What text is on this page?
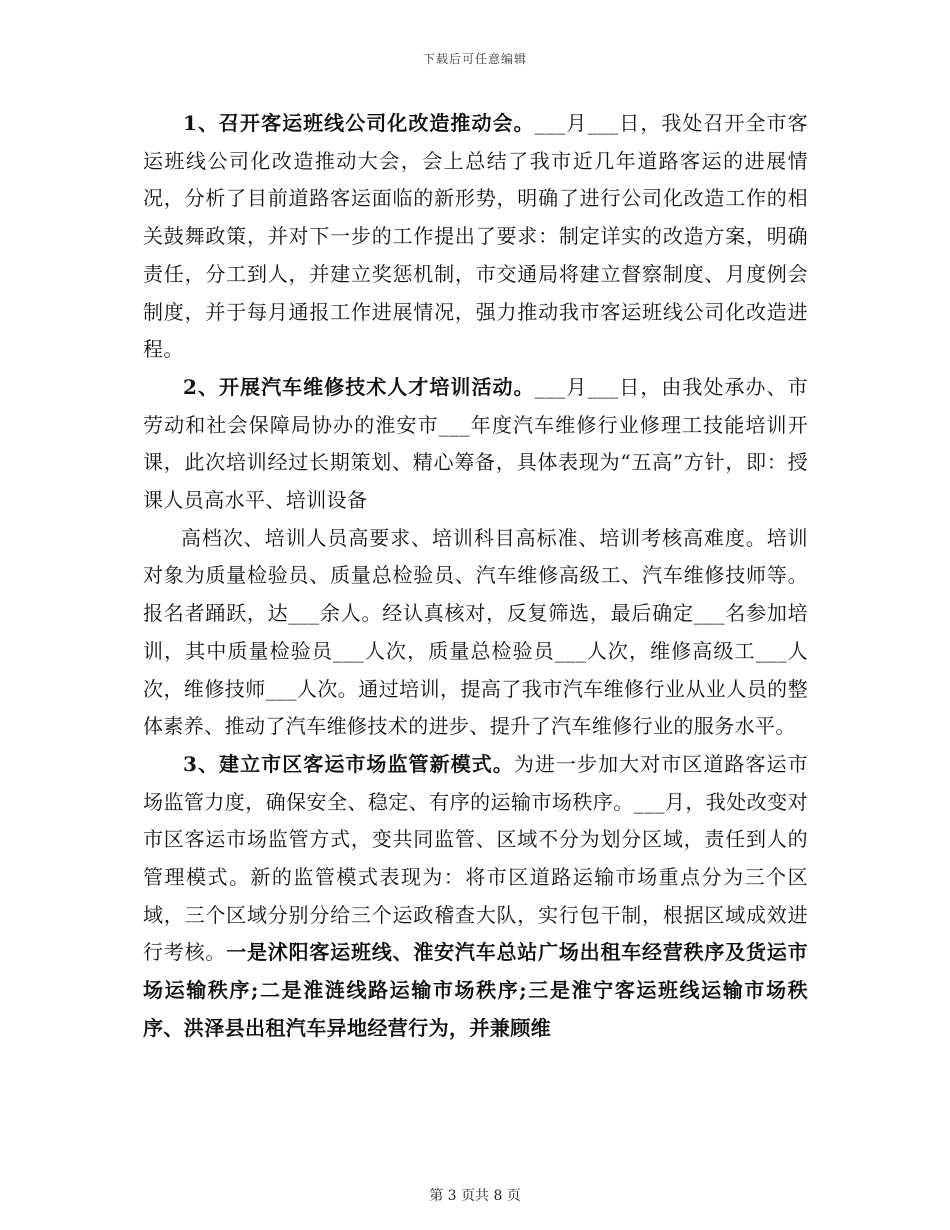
下载后可任意编辑

1、召开客运班线公司化改造推动会。___月___日，我处召开全市客运班线公司化改造推动大会，会上总结了我市近几年道路客运的进展情况，分析了目前道路客运面临的新形势，明确了进行公司化改造工作的相关鼓舞政策，并对下一步的工作提出了要求：制定详实的改造方案，明确责任，分工到人，并建立奖惩机制，市交通局将建立督察制度、月度例会制度，并于每月通报工作进展情况，强力推动我市客运班线公司化改造进程。

2、开展汽车维修技术人才培训活动。___月___日，由我处承办、市劳动和社会保障局协办的淮安市___年度汽车维修行业修理工技能培训开课，此次培训经过长期策划、精心筹备，具体表现为“五高”方针，即：授课人员高水平、培训设备

高档次、培训人员高要求、培训科目高标准、培训考核高难度。培训对象为质量检验员、质量总检验员、汽车维修高级工、汽车维修技师等。报名者踊跃，达___余人。经认真核对，反复筛选，最后确定___名参加培训，其中质量检验员___人次，质量总检验员___人次，维修高级工___人次，维修技师___人次。通过培训，提高了我市汽车维修行业从业人员的整体素养、推动了汽车维修技术的进步、提升了汽车维修行业的服务水平。

3、建立市区客运市场监管新模式。为进一步加大对市区道路客运市场监管力度，确保安全、稳定、有序的运输市场秩序。___月，我处改变对市区客运市场监管方式，变共同监管、区域不分为划分区域，责任到人的管理模式。新的监管模式表现为：将市区道路运输市场重点分为三个区域，三个区域分别分给三个运政稽查大队，实行包干制，根据区域成效进行考核。一是沭阳客运班线、淮安汽车总站广场出租车经营秩序及货运市场运输秩序;二是淮涟线路运输市场秩序;三是淮宁客运班线运输市场秩序、洪泽县出租汽车异地经营行为，并兼顾维

第 3 页共 8 页
